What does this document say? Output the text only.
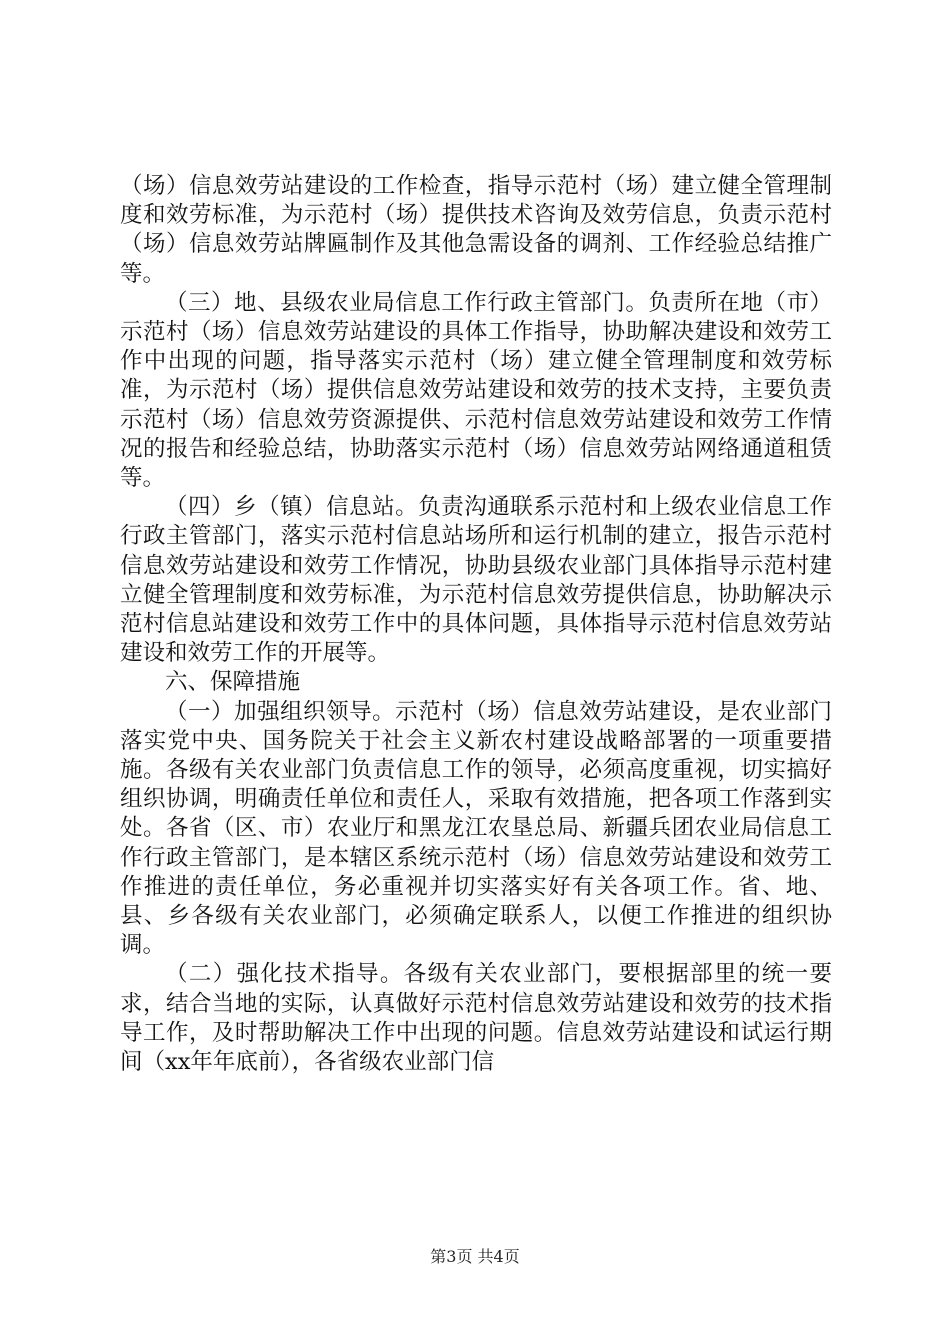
（场）信息效劳站建设的工作检查，指导示范村（场）建立健全管理制度和效劳标准，为示范村（场）提供技术咨询及效劳信息，负责示范村（场）信息效劳站牌匾制作及其他急需设备的调剂、工作经验总结推广等。

（三）地、县级农业局信息工作行政主管部门。负责所在地（市）示范村（场）信息效劳站建设的具体工作指导，协助解决建设和效劳工作中出现的问题，指导落实示范村（场）建立健全管理制度和效劳标准，为示范村（场）提供信息效劳站建设和效劳的技术支持，主要负责示范村（场）信息效劳资源提供、示范村信息效劳站建设和效劳工作情况的报告和经验总结，协助落实示范村（场）信息效劳站网络通道租赁等。

（四）乡（镇）信息站。负责沟通联系示范村和上级农业信息工作行政主管部门，落实示范村信息站场所和运行机制的建立，报告示范村信息效劳站建设和效劳工作情况，协助县级农业部门具体指导示范村建立健全管理制度和效劳标准，为示范村信息效劳提供信息，协助解决示范村信息站建设和效劳工作中的具体问题，具体指导示范村信息效劳站建设和效劳工作的开展等。

六、保障措施

（一）加强组织领导。示范村（场）信息效劳站建设，是农业部门落实党中央、国务院关于社会主义新农村建设战略部署的一项重要措施。各级有关农业部门负责信息工作的领导，必须高度重视，切实搞好组织协调，明确责任单位和责任人，采取有效措施，把各项工作落到实处。各省（区、市）农业厅和黑龙江农垦总局、新疆兵团农业局信息工作行政主管部门，是本辖区系统示范村（场）信息效劳站建设和效劳工作推进的责任单位，务必重视并切实落实好有关各项工作。省、地、县、乡各级有关农业部门，必须确定联系人，以便工作推进的组织协调。

（二）强化技术指导。各级有关农业部门，要根据部里的统一要求，结合当地的实际，认真做好示范村信息效劳站建设和效劳的技术指导工作，及时帮助解决工作中出现的问题。信息效劳站建设和试运行期间（xx年年底前），各省级农业部门信

第3页 共4页
